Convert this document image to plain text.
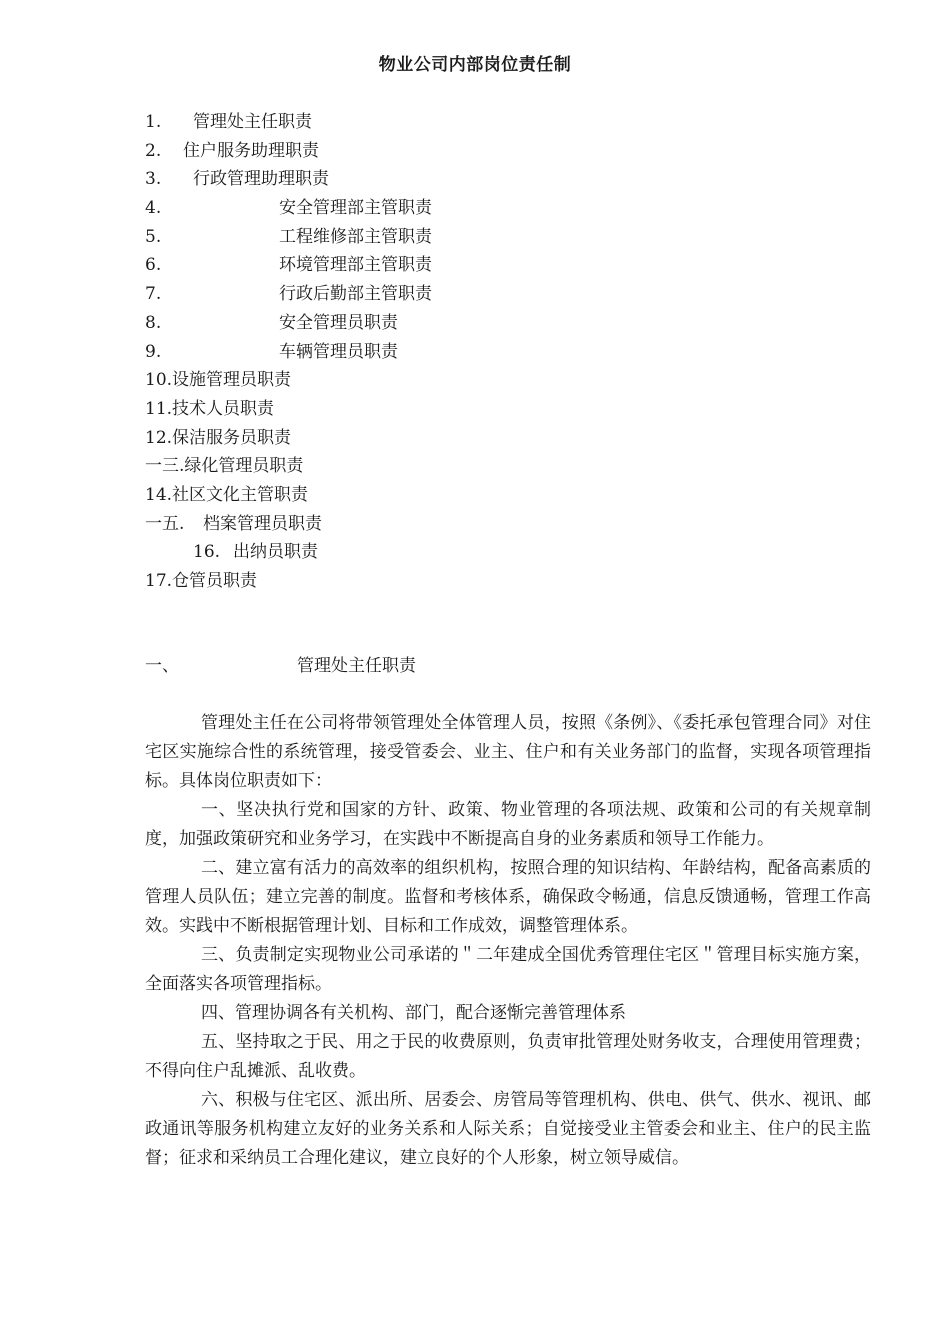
物业公司内部岗位责任制
1. 管理处主任职责
2. 住户服务助理职责
3. 行政管理助理职责
4.	安全管理部主管职责
5.	工程维修部主管职责
6.	环境管理部主管职责
7.	行政后勤部主管职责
8.	安全管理员职责
9.	车辆管理员职责
10.设施管理员职责
11.技术人员职责
12.保洁服务员职责
一三.绿化管理员职责
14.社区文化主管职责
一五. 档案管理员职责
16. 出纳员职责
17.仓管员职责
一、	管理处主任职责

管理处主任在公司将带领管理处全体管理人员，按照《条例》、《委托承包管理合同》对住宅区实施综合性的系统管理，接受管委会、业主、住户和有关业务部门的监督，实现各项管理指标。具体岗位职责如下：

一、坚决执行党和国家的方针、政策、物业管理的各项法规、政策和公司的有关规章制度，加强政策研究和业务学习，在实践中不断提高自身的业务素质和领导工作能力。

二、建立富有活力的高效率的组织机构，按照合理的知识结构、年龄结构，配备高素质的管理人员队伍；建立完善的制度。监督和考核体系，确保政令畅通，信息反馈通畅，管理工作高效。实践中不断根据管理计划、目标和工作成效，调整管理体系。

三、负责制定实现物业公司承诺的＂二年建成全国优秀管理住宅区＂管理目标实施方案，全面落实各项管理指标。

四、管理协调各有关机构、部门，配合逐惭完善管理体系

五、坚持取之于民、用之于民的收费原则，负责审批管理处财务收支，合理使用管理费；不得向住户乱摊派、乱收费。

六、积极与住宅区、派出所、居委会、房管局等管理机构、供电、供气、供水、视讯、邮政通讯等服务机构建立友好的业务关系和人际关系；自觉接受业主管委会和业主、住户的民主监督；征求和采纳员工合理化建议，建立良好的个人形象，树立领导威信。
